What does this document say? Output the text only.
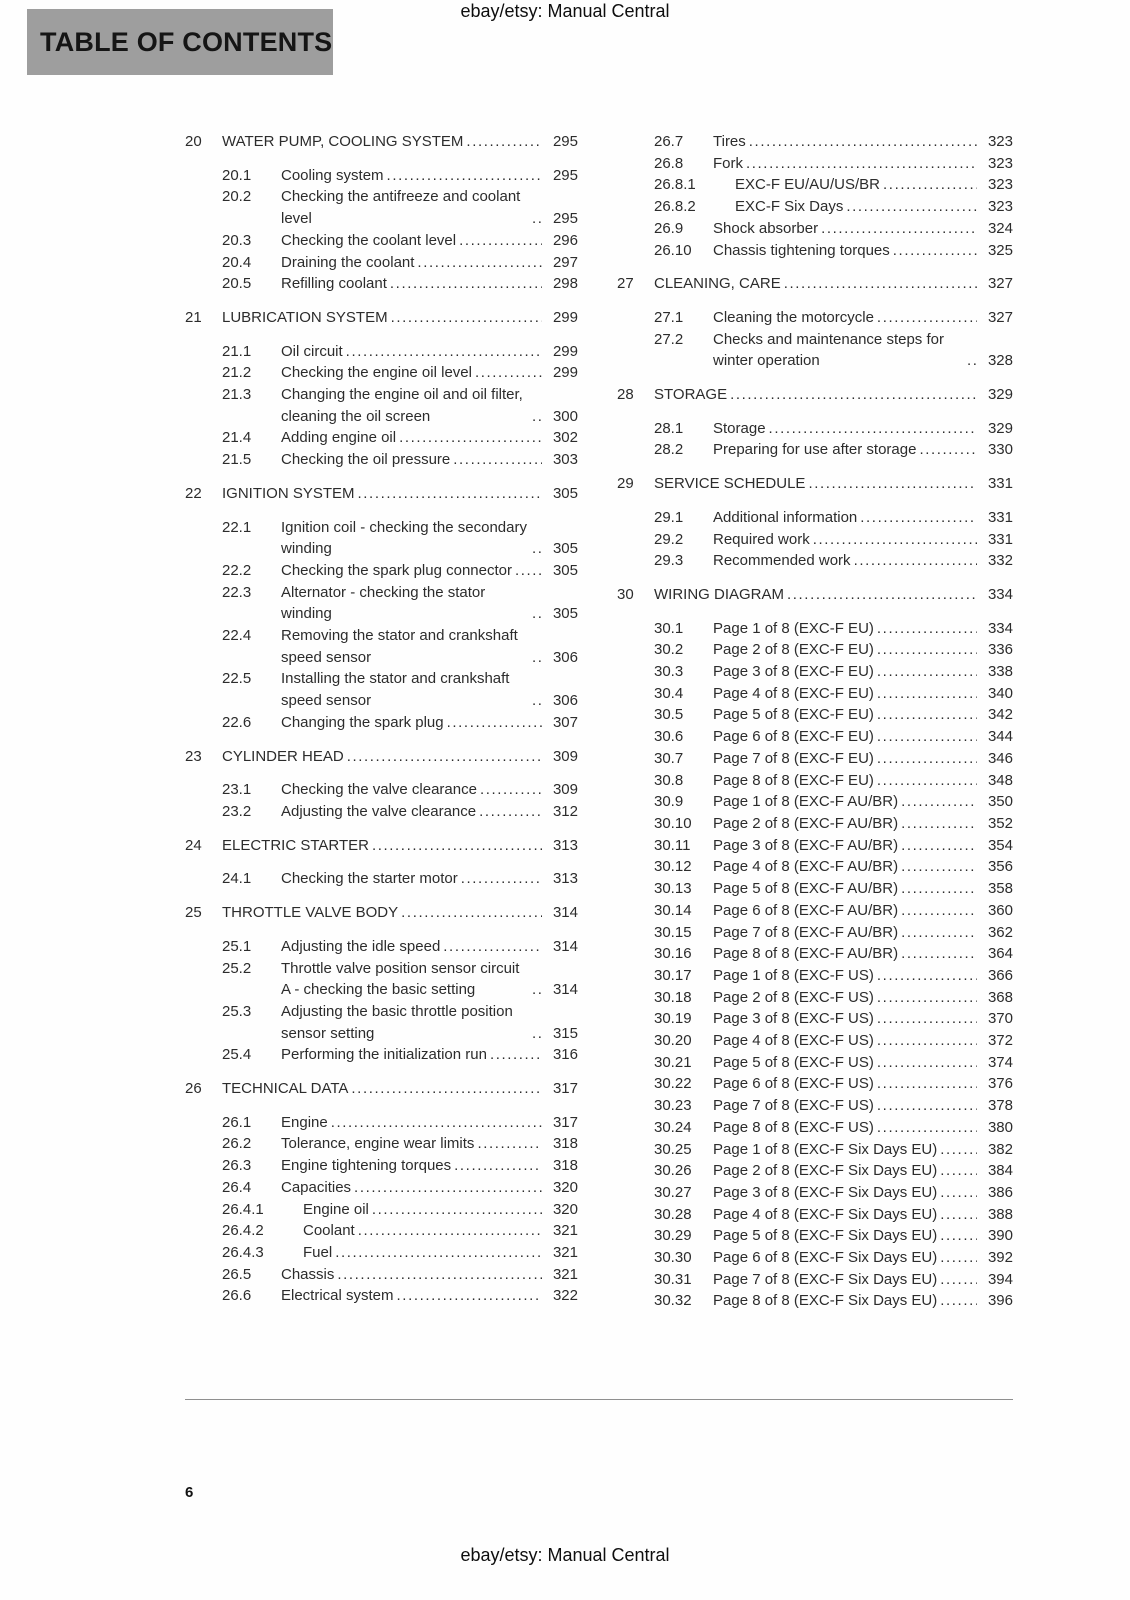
ebay/etsy: Manual Central
TABLE OF CONTENTS
20	WATER PUMP, COOLING SYSTEM .....	295
20.1	Cooling system .....	295
20.2	Checking the antifreeze and coolant level .....	295
20.3	Checking the coolant level .....	296
20.4	Draining the coolant .....	297
20.5	Refilling coolant .....	298
21	LUBRICATION SYSTEM .....	299
21.1	Oil circuit .....	299
21.2	Checking the engine oil level .....	299
21.3	Changing the engine oil and oil filter, cleaning the oil screen .....	300
21.4	Adding engine oil .....	302
21.5	Checking the oil pressure .....	303
22	IGNITION SYSTEM .....	305
22.1	Ignition coil - checking the secondary winding .....	305
22.2	Checking the spark plug connector .....	305
22.3	Alternator - checking the stator winding .....	305
22.4	Removing the stator and crankshaft speed sensor .....	306
22.5	Installing the stator and crankshaft speed sensor .....	306
22.6	Changing the spark plug .....	307
23	CYLINDER HEAD .....	309
23.1	Checking the valve clearance .....	309
23.2	Adjusting the valve clearance .....	312
24	ELECTRIC STARTER .....	313
24.1	Checking the starter motor .....	313
25	THROTTLE VALVE BODY .....	314
25.1	Adjusting the idle speed .....	314
25.2	Throttle valve position sensor circuit A - checking the basic setting .....	314
25.3	Adjusting the basic throttle position sensor setting .....	315
25.4	Performing the initialization run .....	316
26	TECHNICAL DATA .....	317
26.1	Engine .....	317
26.2	Tolerance, engine wear limits .....	318
26.3	Engine tightening torques .....	318
26.4	Capacities .....	320
26.4.1	Engine oil .....	320
26.4.2	Coolant .....	321
26.4.3	Fuel .....	321
26.5	Chassis .....	321
26.6	Electrical system .....	322
26.7	Tires .....	323
26.8	Fork .....	323
26.8.1	EXC-F EU/AU/US/BR .....	323
26.8.2	EXC-F Six Days .....	323
26.9	Shock absorber .....	324
26.10	Chassis tightening torques .....	325
27	CLEANING, CARE .....	327
27.1	Cleaning the motorcycle .....	327
27.2	Checks and maintenance steps for winter operation .....	328
28	STORAGE .....	329
28.1	Storage .....	329
28.2	Preparing for use after storage .....	330
29	SERVICE SCHEDULE .....	331
29.1	Additional information .....	331
29.2	Required work .....	331
29.3	Recommended work .....	332
30	WIRING DIAGRAM .....	334
30.1	Page 1 of 8 (EXC-F EU) .....	334
30.2	Page 2 of 8 (EXC-F EU) .....	336
30.3	Page 3 of 8 (EXC-F EU) .....	338
30.4	Page 4 of 8 (EXC-F EU) .....	340
30.5	Page 5 of 8 (EXC-F EU) .....	342
30.6	Page 6 of 8 (EXC-F EU) .....	344
30.7	Page 7 of 8 (EXC-F EU) .....	346
30.8	Page 8 of 8 (EXC-F EU) .....	348
30.9	Page 1 of 8 (EXC-F AU/BR) .....	350
30.10	Page 2 of 8 (EXC-F AU/BR) .....	352
30.11	Page 3 of 8 (EXC-F AU/BR) .....	354
30.12	Page 4 of 8 (EXC-F AU/BR) .....	356
30.13	Page 5 of 8 (EXC-F AU/BR) .....	358
30.14	Page 6 of 8 (EXC-F AU/BR) .....	360
30.15	Page 7 of 8 (EXC-F AU/BR) .....	362
30.16	Page 8 of 8 (EXC-F AU/BR) .....	364
30.17	Page 1 of 8 (EXC-F US) .....	366
30.18	Page 2 of 8 (EXC-F US) .....	368
30.19	Page 3 of 8 (EXC-F US) .....	370
30.20	Page 4 of 8 (EXC-F US) .....	372
30.21	Page 5 of 8 (EXC-F US) .....	374
30.22	Page 6 of 8 (EXC-F US) .....	376
30.23	Page 7 of 8 (EXC-F US) .....	378
30.24	Page 8 of 8 (EXC-F US) .....	380
30.25	Page 1 of 8 (EXC-F Six Days EU) .....	382
30.26	Page 2 of 8 (EXC-F Six Days EU) .....	384
30.27	Page 3 of 8 (EXC-F Six Days EU) .....	386
30.28	Page 4 of 8 (EXC-F Six Days EU) .....	388
30.29	Page 5 of 8 (EXC-F Six Days EU) .....	390
30.30	Page 6 of 8 (EXC-F Six Days EU) .....	392
30.31	Page 7 of 8 (EXC-F Six Days EU) .....	394
30.32	Page 8 of 8 (EXC-F Six Days EU) .....	396
6
ebay/etsy: Manual Central
